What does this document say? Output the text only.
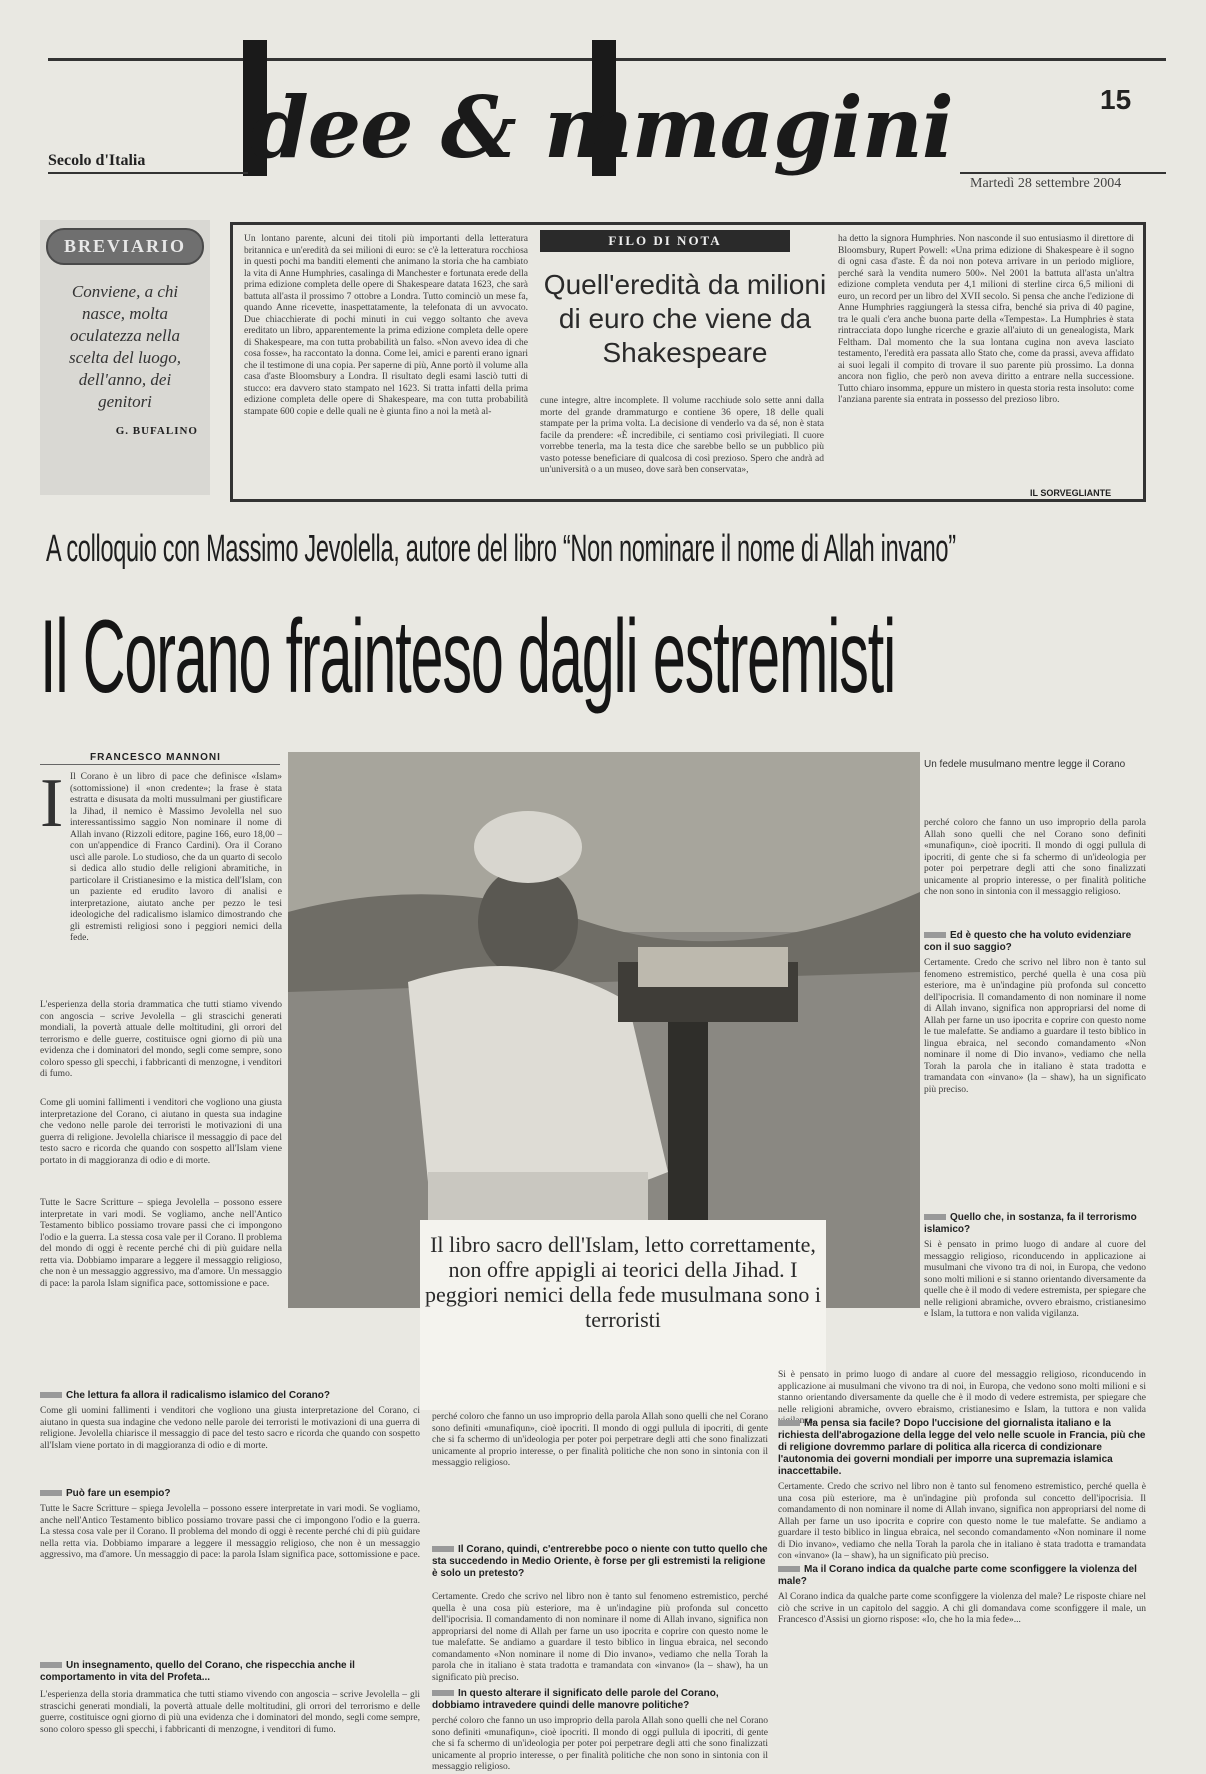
dee & mmagini
Secolo d'Italia
15
Martedì 28 settembre 2004
BREVIARIO
Conviene, a chi nasce, molta oculatezza nella scelta del luogo, dell'anno, dei genitori
G. BUFALINO
Un lontano parente, alcuni dei titoli più importanti della letteratura britannica e un'eredità da sei milioni di euro: se c'è la letteratura rocchiosa in questi pochi ma banditi elementi che animano la storia che ha cambiato la vita di Anne Humphries, casalinga di Manchester e fortunata erede della prima edizione completa delle opere di Shakespeare datata 1623, che sarà battuta all'asta il prossimo 7 ottobre a Londra. Tutto cominciò un mese fa, quando Anne ricevette, inaspettatamente, la telefonata di un avvocato. Due chiacchierate di pochi minuti in cui veggo soltanto che aveva ereditato un libro, apparentemente la prima edizione completa delle opere di Shakespeare, ma con tutta probabilità un falso. «Non avevo idea di che cosa fosse», ha raccontato la donna. Come lei, amici e parenti erano ignari che il testimone di una copia. Per saperne di più, Anne portò il volume alla casa d'aste Bloomsbury a Londra. Il risultato degli esami lasciò tutti di stucco: era davvero stato stampato nel 1623. Si tratta infatti della prima edizione completa delle opere di Shakespeare, ma con tutta probabilità stampate 600 copie e delle quali ne è giunta fino a noi la metà al-
FILO DI NOTA
Quell'eredità da milioni di euro che viene da Shakespeare
cune integre, altre incomplete. Il volume racchiude solo sette anni dalla morte del grande drammaturgo e contiene 36 opere, 18 delle quali stampate per la prima volta. La decisione di venderlo va da sé, non è stata facile da prendere: «È incredibile, ci sentiamo così privilegiati. Il cuore vorrebbe tenerla, ma la testa dice che sarebbe bello se un pubblico più vasto potesse beneficiare di qualcosa di così prezioso. Spero che andrà ad un'università o a un museo, dove sarà ben conservata»,
ha detto la signora Humphries. Non nasconde il suo entusiasmo il direttore di Bloomsbury, Rupert Powell: «Una prima edizione di Shakespeare è il sogno di ogni casa d'aste. È da noi non poteva arrivare in un periodo migliore, perché sarà la vendita numero 500». Nel 2001 la battuta all'asta un'altra edizione completa venduta per 4,1 milioni di sterline circa 6,5 milioni di euro, un record per un libro del XVII secolo. Si pensa che anche l'edizione di Anne Humphries raggiungerà la stessa cifra, benché sia priva di 40 pagine, tra le quali c'era anche buona parte della «Tempesta». La Humphries è stata rintracciata dopo lunghe ricerche e grazie all'aiuto di un genealogista, Mark Feltham. Dal momento che la sua lontana cugina non aveva lasciato testamento, l'eredità era passata allo Stato che, come da prassi, aveva affidato ai suoi legali il compito di trovare il suo parente più prossimo. La donna ancora non figlio, che però non aveva diritto a entrare nella successione. Tutto chiaro insomma, eppure un mistero in questa storia resta insoluto: come l'anziana parente sia entrata in possesso del prezioso libro.
IL SORVEGLIANTE
A colloquio con Massimo Jevolella, autore del libro “Non nominare il nome di Allah invano”
Il Corano frainteso dagli estremisti
FRANCESCO MANNONI
I Il Corano è un libro di pace che definisce «Islam» (sottomissione) il «non credente»; la frase è stata estratta e disusata da molti mussulmani per giustificare la Jihad, il nemico è Massimo Jevolella nel suo interessantissimo saggio Non nominare il nome di Allah invano (Rizzoli editore, pagine 166, euro 18,00 – con un'appendice di Franco Cardini). Ora il Corano uscì alle parole. Lo studioso, che da un quarto di secolo si dedica allo studio delle religioni abramitiche, in particolare il Cristianesimo e la mistica dell'Islam, con un paziente ed erudito lavoro di analisi e interpretazione, aiutato anche per pezzo le tesi ideologiche del radicalismo islamico dimostrando che gli estremisti religiosi sono i peggiori nemici della fede.
L'esperienza della storia drammatica che tutti stiamo vivendo con angoscia – scrive Jevolella – gli strascichi generati mondiali, la povertà attuale delle moltitudini, gli orrori del terrorismo e delle guerre, costituisce ogni giorno di più una evidenza che i dominatori del mondo, segli come sempre, sono coloro spesso gli specchi, i fabbricanti di menzogne, i venditori di fumo.
Come gli uomini fallimenti i venditori che vogliono una giusta interpretazione del Corano, ci aiutano in questa sua indagine che vedono nelle parole dei terroristi le motivazioni di una guerra di religione. Jevolella chiarisce il messaggio di pace del testo sacro e ricorda che quando con sospetto all'Islam viene portato in di maggioranza di odio e di morte.
Tutte le Sacre Scritture – spiega Jevolella – possono essere interpretate in vari modi. Se vogliamo, anche nell'Antico Testamento biblico possiamo trovare passi che ci impongono l'odio e la guerra. La stessa cosa vale per il Corano. Il problema del mondo di oggi è recente perché chi di più guidare nella retta via. Dobbiamo imparare a leggere il messaggio religioso, che non è un messaggio aggressivo, ma d'amore. Un messaggio di pace: la parola Islam significa pace, sottomissione e pace.
Il libro sacro dell'Islam, letto correttamente, non offre appigli ai teorici della Jihad. I peggiori nemici della fede musulmana sono i terroristi
Un fedele musulmano mentre legge il Corano
perché coloro che fanno un uso improprio della parola Allah sono quelli che nel Corano sono definiti «munafiqun», cioè ipocriti. Il mondo di oggi pullula di ipocriti, di gente che si fa schermo di un'ideologia per poter poi perpetrare degli atti che sono finalizzati unicamente al proprio interesse, o per finalità politiche che non sono in sintonia con il messaggio religioso.
Ed è questo che ha voluto evidenziare con il suo saggio?
Certamente. Credo che scrivo nel libro non è tanto sul fenomeno estremistico, perché quella è una cosa più esteriore, ma è un'indagine più profonda sul concetto dell'ipocrisia. Il comandamento di non nominare il nome di Allah invano, significa non appropriarsi del nome di Allah per farne un uso ipocrita e coprire con questo nome le tue malefatte. Se andiamo a guardare il testo biblico in lingua ebraica, nel secondo comandamento «Non nominare il nome di Dio invano», vediamo che nella Torah la parola che in italiano è stata tradotta e tramandata con «invano» (la – shaw), ha un significato più preciso.
Quello che, in sostanza, fa il terrorismo islamico?
Si è pensato in primo luogo di andare al cuore del messaggio religioso, riconducendo in applicazione ai musulmani che vivono tra di noi, in Europa, che vedono sono molti milioni e si stanno orientando diversamente da quelle che è il modo di vedere estremista, per spiegare che nelle religioni abramiche, ovvero ebraismo, cristianesimo e Islam, la tuttora e non valida vigilanza.
Che lettura fa allora il radicalismo islamico del Corano?
Come gli uomini fallimenti i venditori che vogliono una giusta interpretazione del Corano, ci aiutano in questa sua indagine che vedono nelle parole dei terroristi le motivazioni di una guerra di religione. Jevolella chiarisce il messaggio di pace del testo sacro e ricorda che quando con sospetto all'Islam viene portato in di maggioranza di odio e di morte.
Può fare un esempio?
Tutte le Sacre Scritture – spiega Jevolella – possono essere interpretate in vari modi. Se vogliamo, anche nell'Antico Testamento biblico possiamo trovare passi che ci impongono l'odio e la guerra. La stessa cosa vale per il Corano. Il problema del mondo di oggi è recente perché chi di più guidare nella retta via. Dobbiamo imparare a leggere il messaggio religioso, che non è un messaggio aggressivo, ma d'amore. Un messaggio di pace: la parola Islam significa pace, sottomissione e pace.
Un insegnamento, quello del Corano, che rispecchia anche il comportamento in vita del Profeta...
L'esperienza della storia drammatica che tutti stiamo vivendo con angoscia – scrive Jevolella – gli strascichi generati mondiali, la povertà attuale delle moltitudini, gli orrori del terrorismo e delle guerre, costituisce ogni giorno di più una evidenza che i dominatori del mondo, segli come sempre, sono coloro spesso gli specchi, i fabbricanti di menzogne, i venditori di fumo.
perché coloro che fanno un uso improprio della parola Allah sono quelli che nel Corano sono definiti «munafiqun», cioè ipocriti. Il mondo di oggi pullula di ipocriti, di gente che si fa schermo di un'ideologia per poter poi perpetrare degli atti che sono finalizzati unicamente al proprio interesse, o per finalità politiche che non sono in sintonia con il messaggio religioso.
Il Corano, quindi, c'entrerebbe poco o niente con tutto quello che sta succedendo in Medio Oriente, è forse per gli estremisti la religione è solo un pretesto?
Certamente. Credo che scrivo nel libro non è tanto sul fenomeno estremistico, perché quella è una cosa più esteriore, ma è un'indagine più profonda sul concetto dell'ipocrisia. Il comandamento di non nominare il nome di Allah invano, significa non appropriarsi del nome di Allah per farne un uso ipocrita e coprire con questo nome le tue malefatte. Se andiamo a guardare il testo biblico in lingua ebraica, nel secondo comandamento «Non nominare il nome di Dio invano», vediamo che nella Torah la parola che in italiano è stata tradotta e tramandata con «invano» (la – shaw), ha un significato più preciso.
In questo alterare il significato delle parole del Corano, dobbiamo intravedere quindi delle manovre politiche?
perché coloro che fanno un uso improprio della parola Allah sono quelli che nel Corano sono definiti «munafiqun», cioè ipocriti. Il mondo di oggi pullula di ipocriti, di gente che si fa schermo di un'ideologia per poter poi perpetrare degli atti che sono finalizzati unicamente al proprio interesse, o per finalità politiche che non sono in sintonia con il messaggio religioso.
Si è pensato in primo luogo di andare al cuore del messaggio religioso, riconducendo in applicazione ai musulmani che vivono tra di noi, in Europa, che vedono sono molti milioni e si stanno orientando diversamente da quelle che è il modo di vedere estremista, per spiegare che nelle religioni abramiche, ovvero ebraismo, cristianesimo e Islam, la tuttora e non valida vigilanza.
Ma pensa sia facile? Dopo l'uccisione del giornalista italiano e la richiesta dell'abrogazione della legge del velo nelle scuole in Francia, più che di religione dovremmo parlare di politica alla ricerca di condizionare l'autonomia dei governi mondiali per imporre una supremazia islamica inaccettabile.
Certamente. Credo che scrivo nel libro non è tanto sul fenomeno estremistico, perché quella è una cosa più esteriore, ma è un'indagine più profonda sul concetto dell'ipocrisia. Il comandamento di non nominare il nome di Allah invano, significa non appropriarsi del nome di Allah per farne un uso ipocrita e coprire con questo nome le tue malefatte. Se andiamo a guardare il testo biblico in lingua ebraica, nel secondo comandamento «Non nominare il nome di Dio invano», vediamo che nella Torah la parola che in italiano è stata tradotta e tramandata con «invano» (la – shaw), ha un significato più preciso.
Ma il Corano indica da qualche parte come sconfiggere la violenza del male?
Al Corano indica da qualche parte come sconfiggere la violenza del male? Le risposte chiare nel ciò che scrive in un capitolo del saggio. A chi gli domandava come sconfiggere il male, un Francesco d'Assisi un giorno rispose: «Io, che ho la mia fede»...
